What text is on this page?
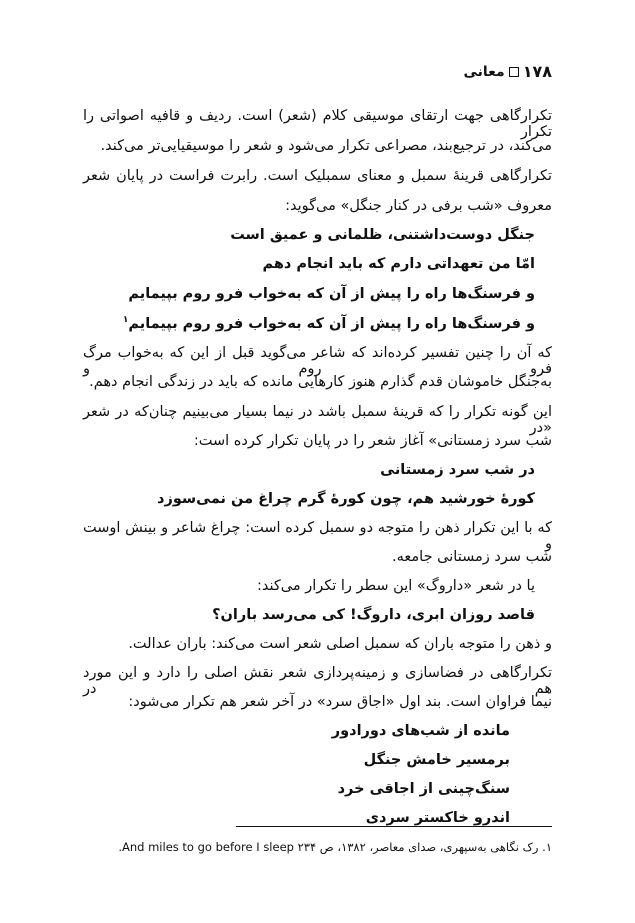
۱۷۸
معانی
تکرارگاهی جهت ارتقای موسیقی کلام (شعر) است. ردیف و قافیه اصواتی را تکرار
می‌کند، در ترجیع‌بند، مصراعی تکرار می‌شود و شعر را موسیقیایی‌تر می‌کند.
تکرارگاهی قرینهٔ سمبل و معنای سمبلیک است. رابرت فراست در پایان شعر
معروف «شب برفی در کنار جنگل» می‌گوید:
جنگل دوست‌داشتنی، ظلمانی و عمیق است
امّا من تعهداتی دارم که باید انجام دهم
و فرسنگ‌ها راه را پیش از آن که به‌خواب فرو روم بپیمایم
و فرسنگ‌ها راه را پیش از آن که به‌خواب فرو روم بپیمایم$^۱$
که آن را چنین تفسیر کرده‌اند که شاعر می‌گوید قبل از این که به‌خواب مرگ فرو روم و
به‌جنگل خاموشان قدم گذارم هنوز کارهایی مانده که باید در زندگی انجام دهم.
این گونه تکرار را که قرینهٔ سمبل باشد در نیما بسیار می‌بینیم چنان‌که در شعر «در
شب سرد زمستانی» آغاز شعر را در پایان تکرار کرده است:
در شب سرد زمستانی
کورهٔ خورشید هم، چون کورهٔ گرم چراغ من نمی‌سوزد
که با این تکرار ذهن را متوجه دو سمبل کرده است: چراغ شاعر و بینش اوست و
شب سرد زمستانی جامعه.
یا در شعر «داروگ» این سطر را تکرار می‌کند:
قاصد روزان ابری، داروگ! کی می‌رسد باران؟
و ذهن را متوجه باران که سمبل اصلی شعر است می‌کند: باران عدالت.
تکرارگاهی در فضاسازی و زمینه‌پردازی شعر نقش اصلی را دارد و این مورد هم در
نیما فراوان است. بند اول «اجاق سرد» در آخر شعر هم تکرار می‌شود:
مانده از شب‌های دورادور
برمسیر خامش جنگل
سنگ‌چینی از اجاقی خرد
اندرو خاکستر سردی
۱. رک نگاهی به‌سپهری، صدای معاصر، ۱۳۸۲، ص ۲۳۴ And miles to go before I sleep.
